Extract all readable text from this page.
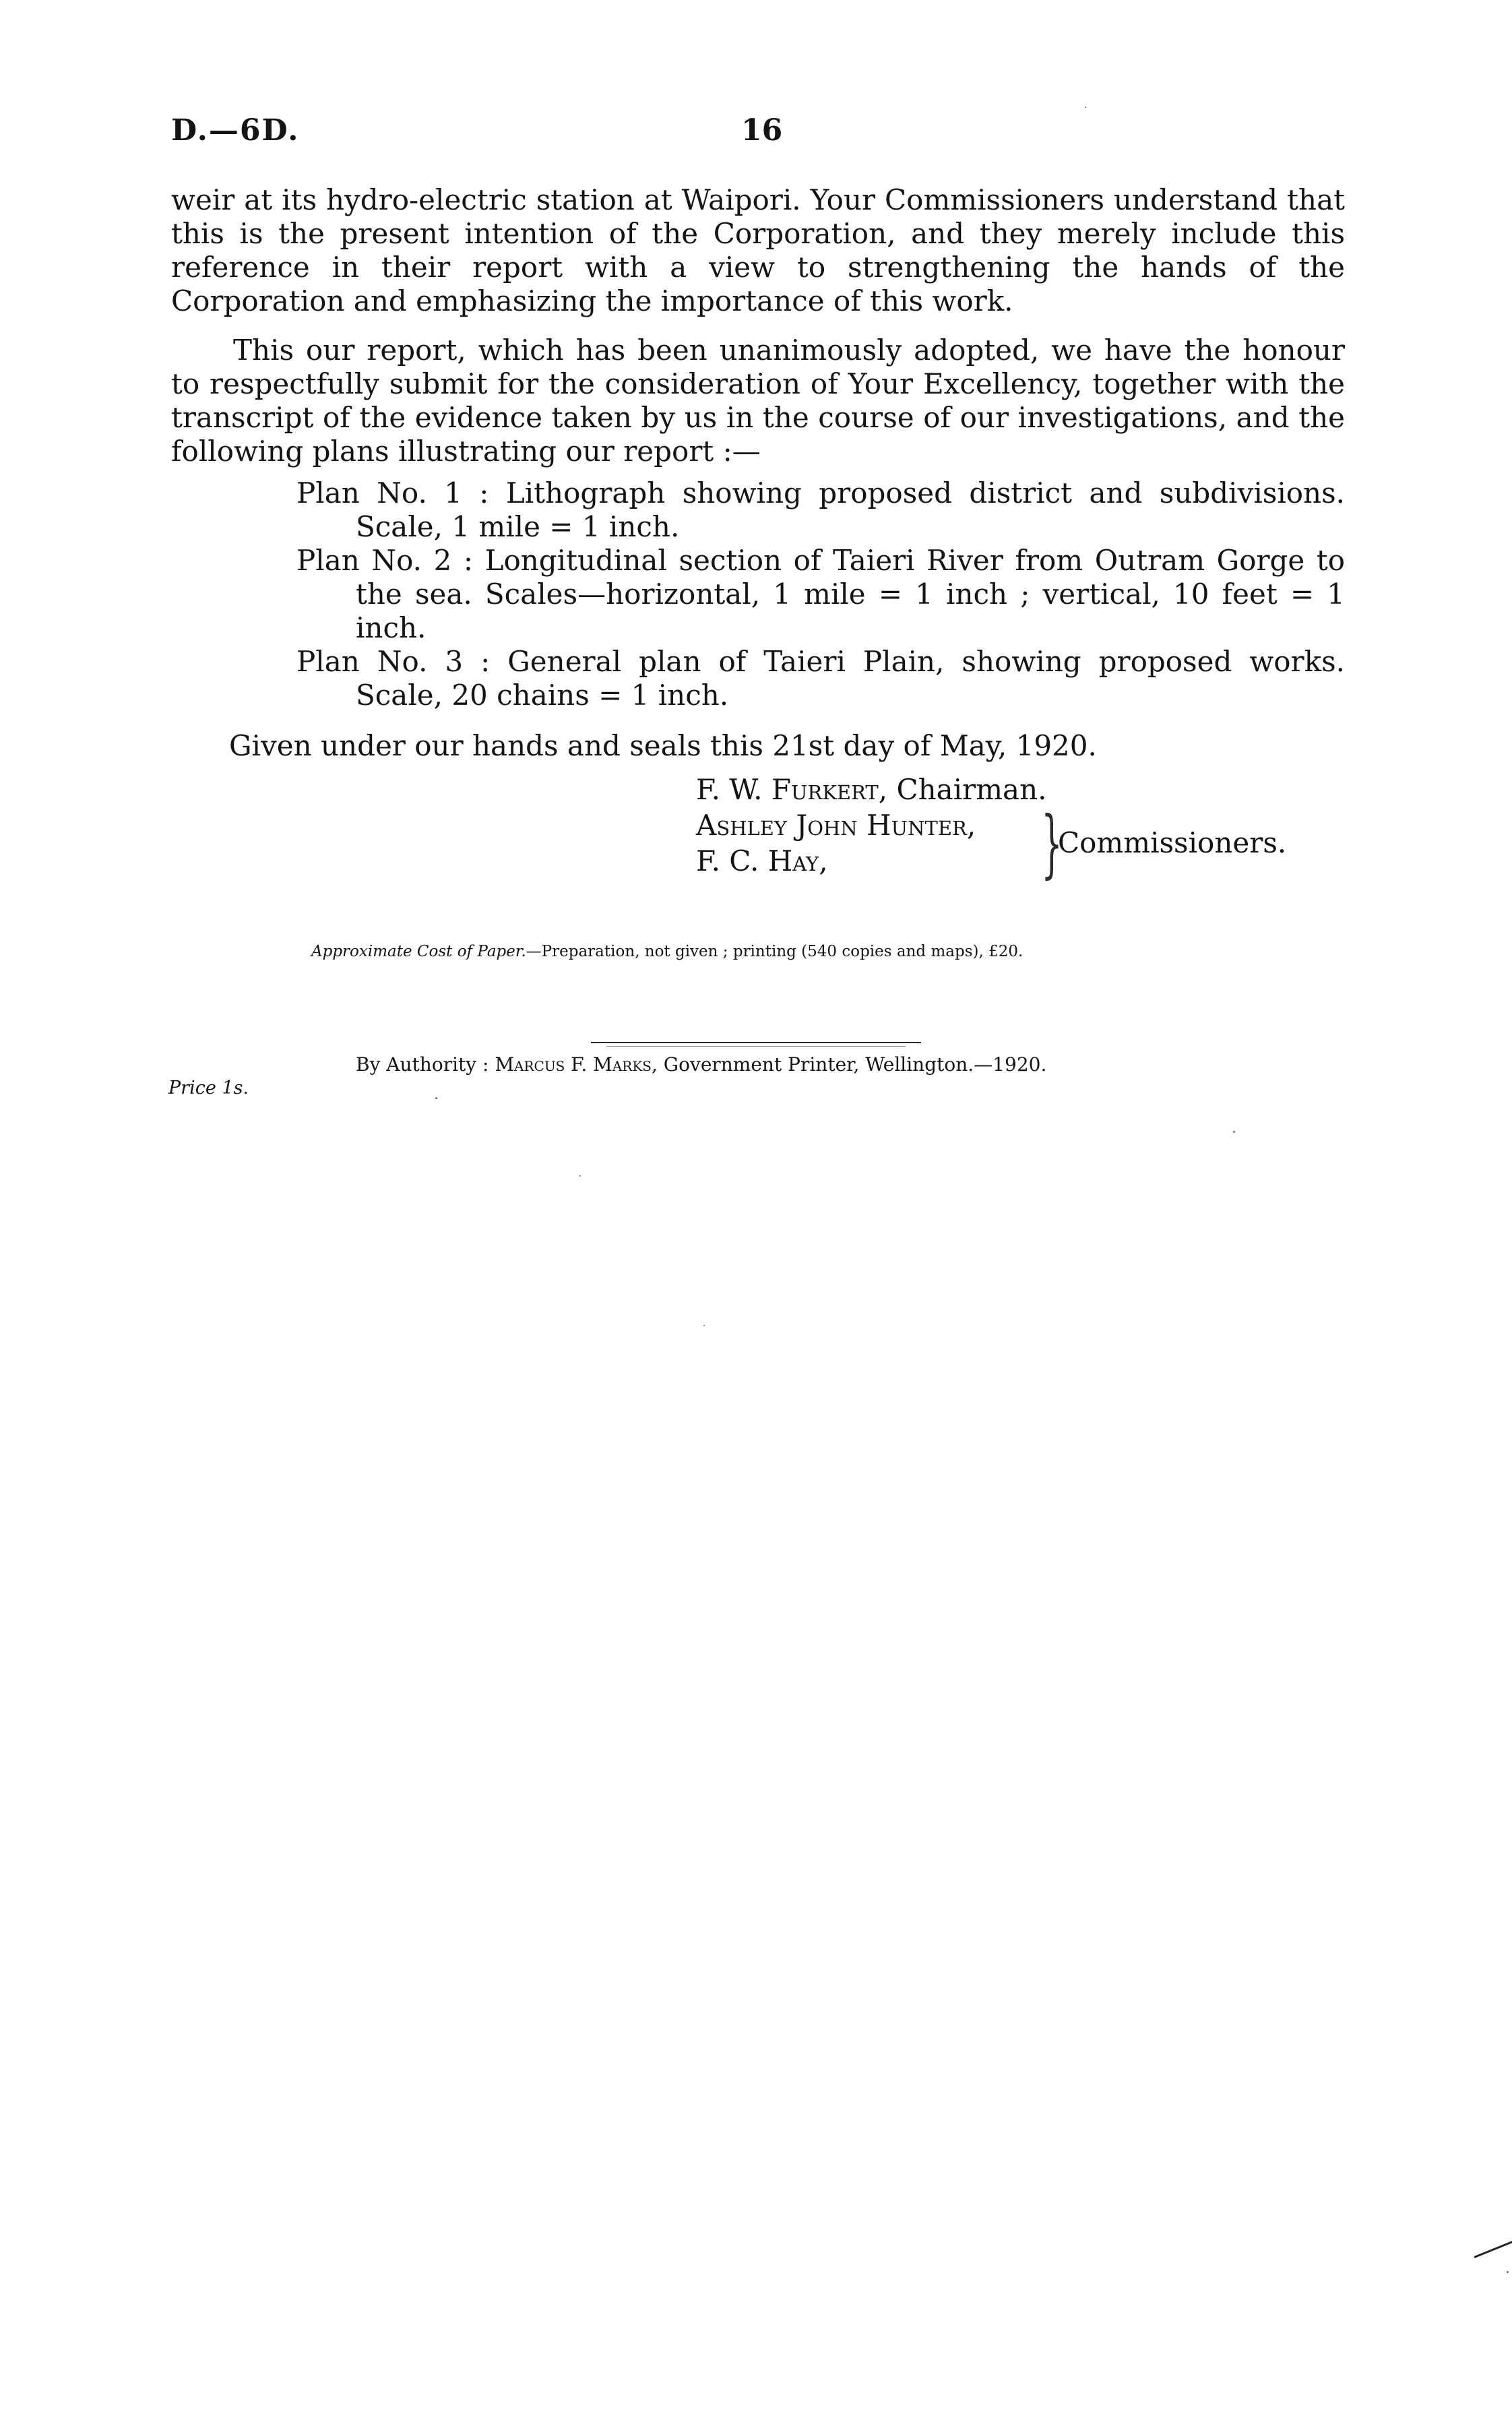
D.—6D.	16

weir at its hydro-electric station at Waipori. Your Commissioners understand that this is the present intention of the Corporation, and they merely include this reference in their report with a view to strengthening the hands of the Corporation and emphasizing the importance of this work.

This our report, which has been unanimously adopted, we have the honour to respectfully submit for the consideration of Your Excellency, together with the transcript of the evidence taken by us in the course of our investigations, and the following plans illustrating our report :—

Plan No. 1 : Lithograph showing proposed district and subdivisions. Scale, 1 mile = 1 inch.

Plan No. 2 : Longitudinal section of Taieri River from Outram Gorge to the sea. Scales—horizontal, 1 mile = 1 inch ; vertical, 10 feet = 1 inch.

Plan No. 3 : General plan of Taieri Plain, showing proposed works. Scale, 20 chains = 1 inch.

Given under our hands and seals this 21st day of May, 1920.
F. W. Furkert, Chairman.
Ashley John Hunter,
F. C. Hay,	}
Commissioners.
Approximate Cost of Paper.—Preparation, not given ; printing (540 copies and maps), £20.
By Authority : Marcus F. Marks, Government Printer, Wellington.—1920.
Price 1s.
